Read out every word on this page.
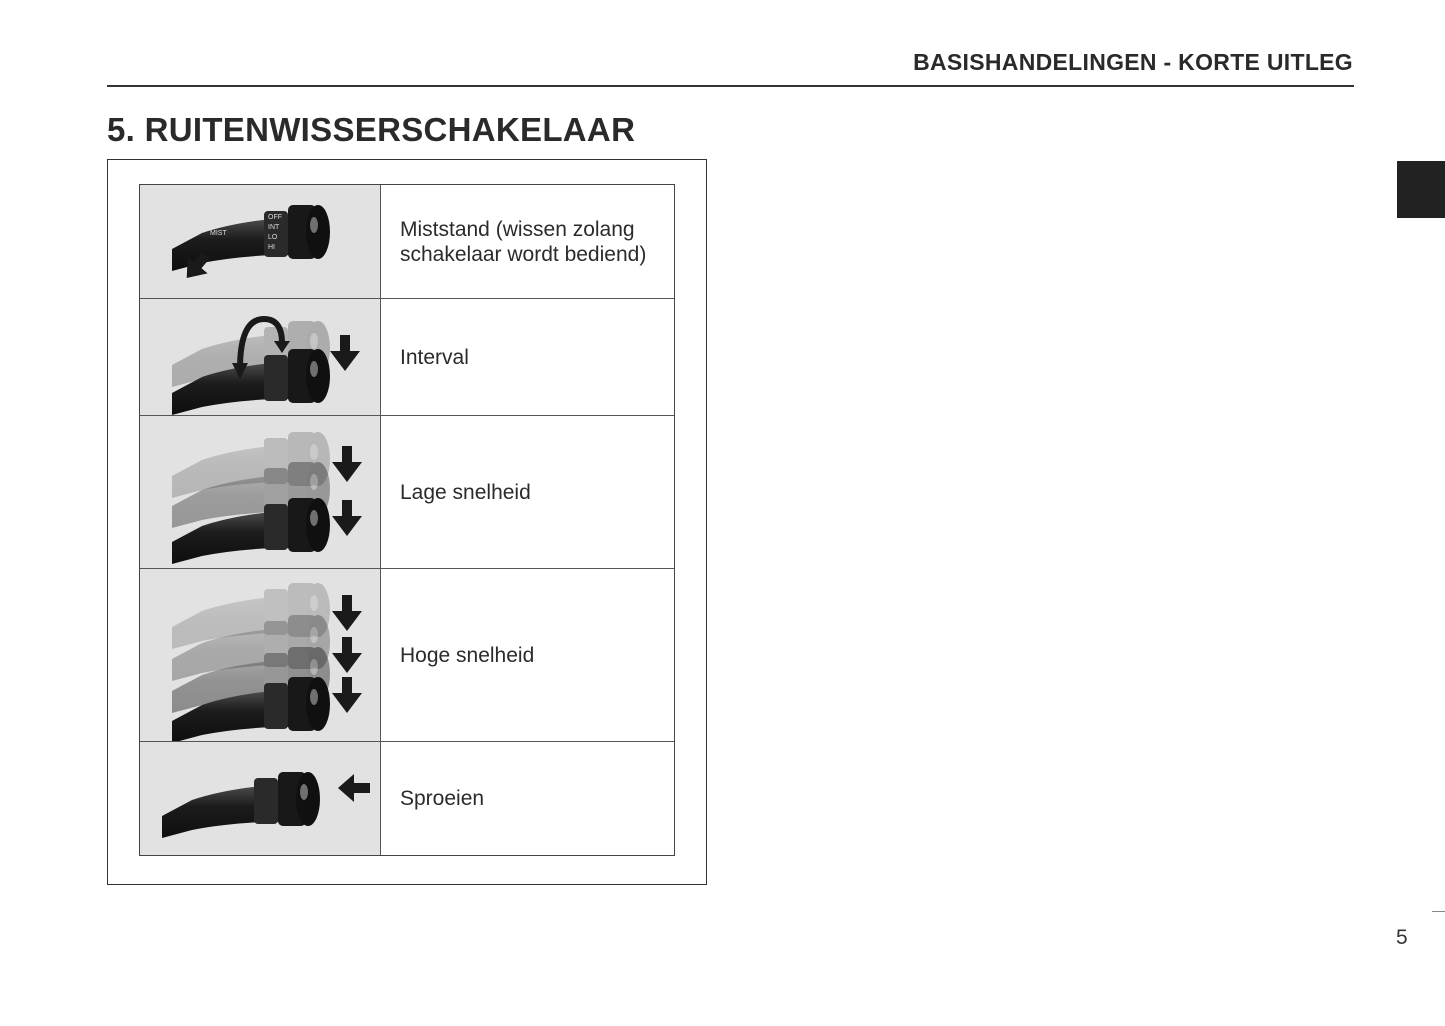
BASISHANDELINGEN - KORTE UITLEG
5. RUITENWISSERSCHAKELAAR
MIST
OFF
INT
LO
HI
Miststand (wissen zolang
schakelaar wordt bediend)
Interval
Lage snelheid
Hoge snelheid
Sproeien
5
